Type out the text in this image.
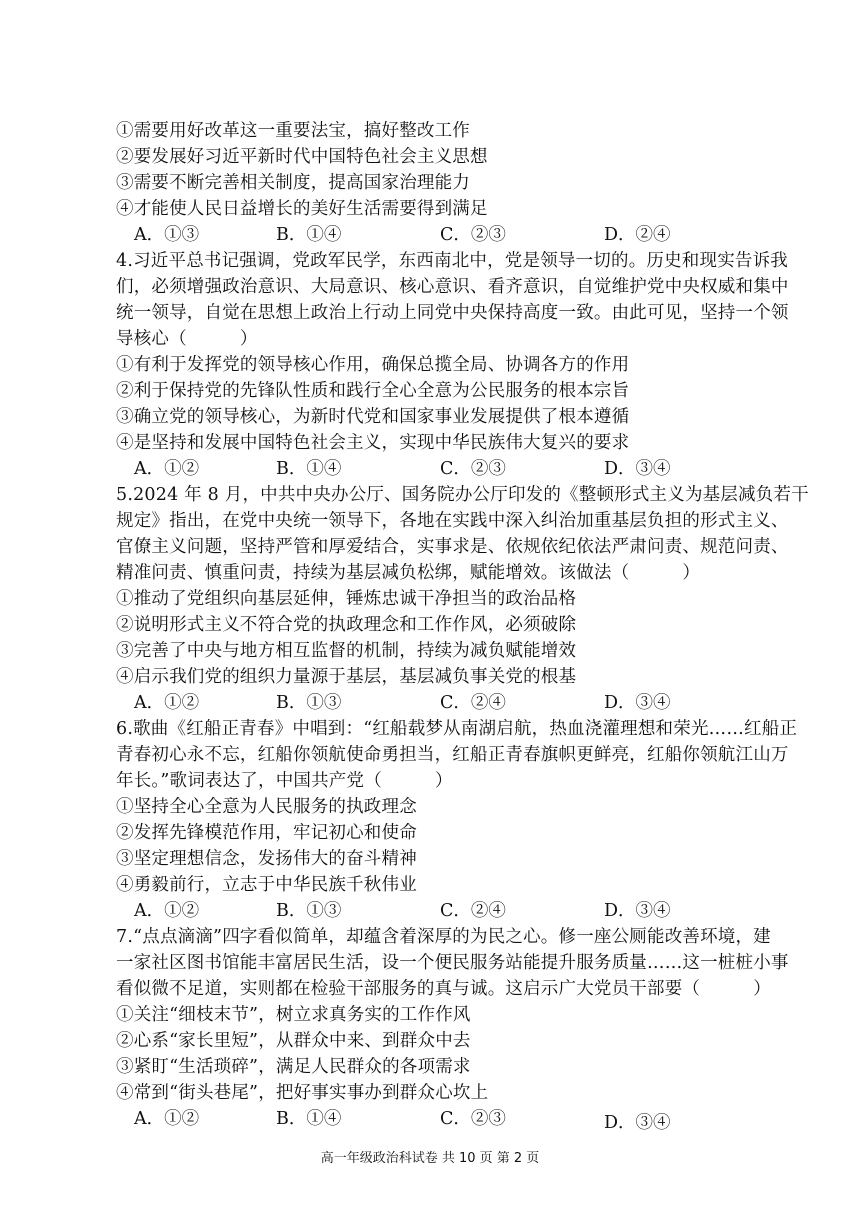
①需要用好改革这一重要法宝，搞好整改工作
②要发展好习近平新时代中国特色社会主义思想
③需要不断完善相关制度，提高国家治理能力
④才能使人民日益增长的美好生活需要得到满足
A．①③	B．①④	C．②③	D．②④
4.习近平总书记强调，党政军民学，东西南北中，党是领导一切的。历史和现实告诉我
们，必须增强政治意识、大局意识、核心意识、看齐意识，自觉维护党中央权威和集中
统一领导，自觉在思想上政治上行动上同党中央保持高度一致。由此可见，坚持一个领
导核心（　　　）
①有利于发挥党的领导核心作用，确保总揽全局、协调各方的作用
②利于保持党的先锋队性质和践行全心全意为公民服务的根本宗旨
③确立党的领导核心，为新时代党和国家事业发展提供了根本遵循
④是坚持和发展中国特色社会主义，实现中华民族伟大复兴的要求
A．①②	B．①④	C．②③	D．③④
5.2024 年 8 月，中共中央办公厅、国务院办公厅印发的《整顿形式主义为基层减负若干
规定》指出，在党中央统一领导下，各地在实践中深入纠治加重基层负担的形式主义、
官僚主义问题，坚持严管和厚爱结合，实事求是、依规依纪依法严肃问责、规范问责、
精准问责、慎重问责，持续为基层减负松绑，赋能增效。该做法（　　　）
①推动了党组织向基层延伸，锤炼忠诚干净担当的政治品格
②说明形式主义不符合党的执政理念和工作作风，必须破除
③完善了中央与地方相互监督的机制，持续为减负赋能增效
④启示我们党的组织力量源于基层，基层减负事关党的根基
A．①②	B．①③	C．②④	D．③④
6.歌曲《红船正青春》中唱到：“红船载梦从南湖启航，热血浇灌理想和荣光……红船正
青春初心永不忘，红船你领航使命勇担当，红船正青春旗帜更鲜亮，红船你领航江山万
年长。”歌词表达了，中国共产党（　　　）
①坚持全心全意为人民服务的执政理念
②发挥先锋模范作用，牢记初心和使命
③坚定理想信念，发扬伟大的奋斗精神
④勇毅前行，立志于中华民族千秋伟业
A．①②	B．①③	C．②④	D．③④
7.“点点滴滴”四字看似简单，却蕴含着深厚的为民之心。修一座公厕能改善环境，建
一家社区图书馆能丰富居民生活，设一个便民服务站能提升服务质量……这一桩桩小事
看似微不足道，实则都在检验干部服务的真与诚。这启示广大党员干部要（　　　）
①关注“细枝末节”，树立求真务实的工作作风
②心系“家长里短”，从群众中来、到群众中去
③紧盯“生活琐碎”，满足人民群众的各项需求
④常到“街头巷尾”，把好事实事办到群众心坎上
A．①②	B．①④	C．②③	D．③④
高一年级政治科试卷 共 10 页 第 2 页
